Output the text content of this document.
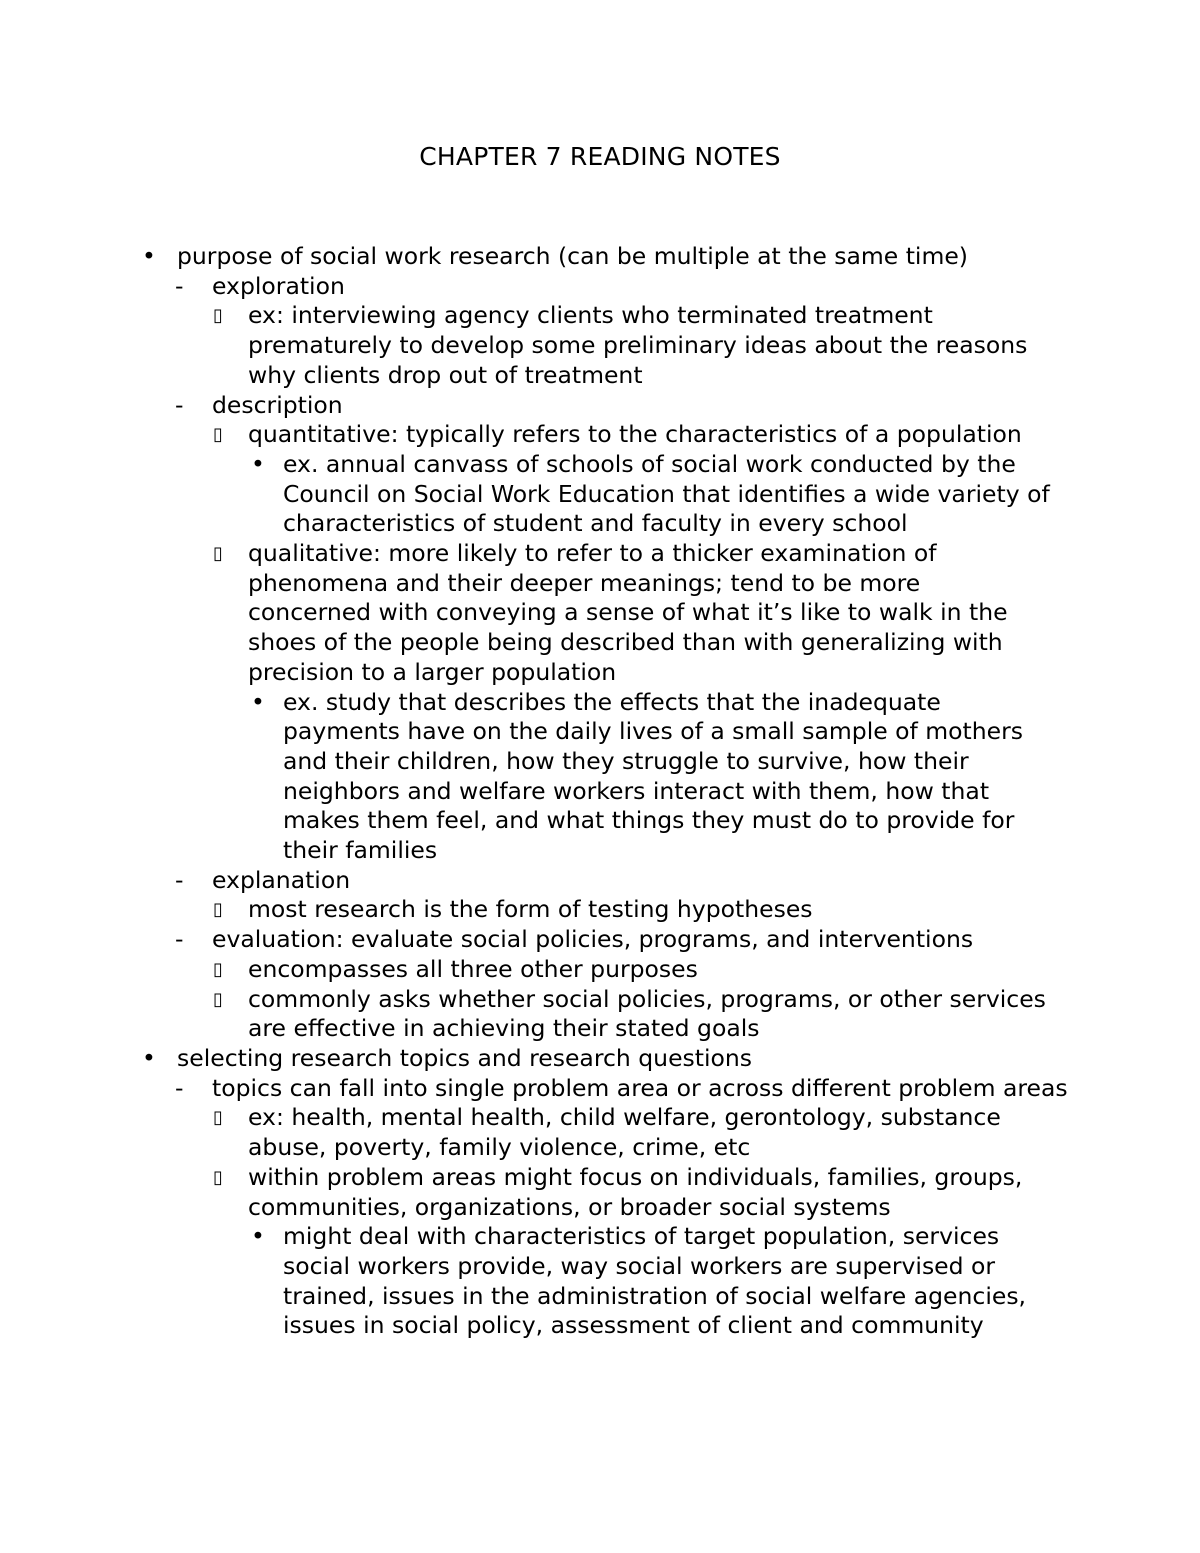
CHAPTER 7 READING NOTES
• purpose of social work research (can be multiple at the same time)
- exploration
▯ ex: interviewing agency clients who terminated treatment prematurely to develop some preliminary ideas about the reasons why clients drop out of treatment
- description
▯ quantitative: typically refers to the characteristics of a population
• ex. annual canvass of schools of social work conducted by the Council on Social Work Education that identifies a wide variety of characteristics of student and faculty in every school
▯ qualitative: more likely to refer to a thicker examination of phenomena and their deeper meanings; tend to be more concerned with conveying a sense of what it’s like to walk in the shoes of the people being described than with generalizing with precision to a larger population
• ex. study that describes the effects that the inadequate payments have on the daily lives of a small sample of mothers and their children, how they struggle to survive, how their neighbors and welfare workers interact with them, how that makes them feel, and what things they must do to provide for their families
- explanation
▯ most research is the form of testing hypotheses
- evaluation: evaluate social policies, programs, and interventions
▯ encompasses all three other purposes
▯ commonly asks whether social policies, programs, or other services are effective in achieving their stated goals
• selecting research topics and research questions
- topics can fall into single problem area or across different problem areas
▯ ex: health, mental health, child welfare, gerontology, substance abuse, poverty, family violence, crime, etc
▯ within problem areas might focus on individuals, families, groups, communities, organizations, or broader social systems
• might deal with characteristics of target population, services social workers provide, way social workers are supervised or trained, issues in the administration of social welfare agencies, issues in social policy, assessment of client and community
